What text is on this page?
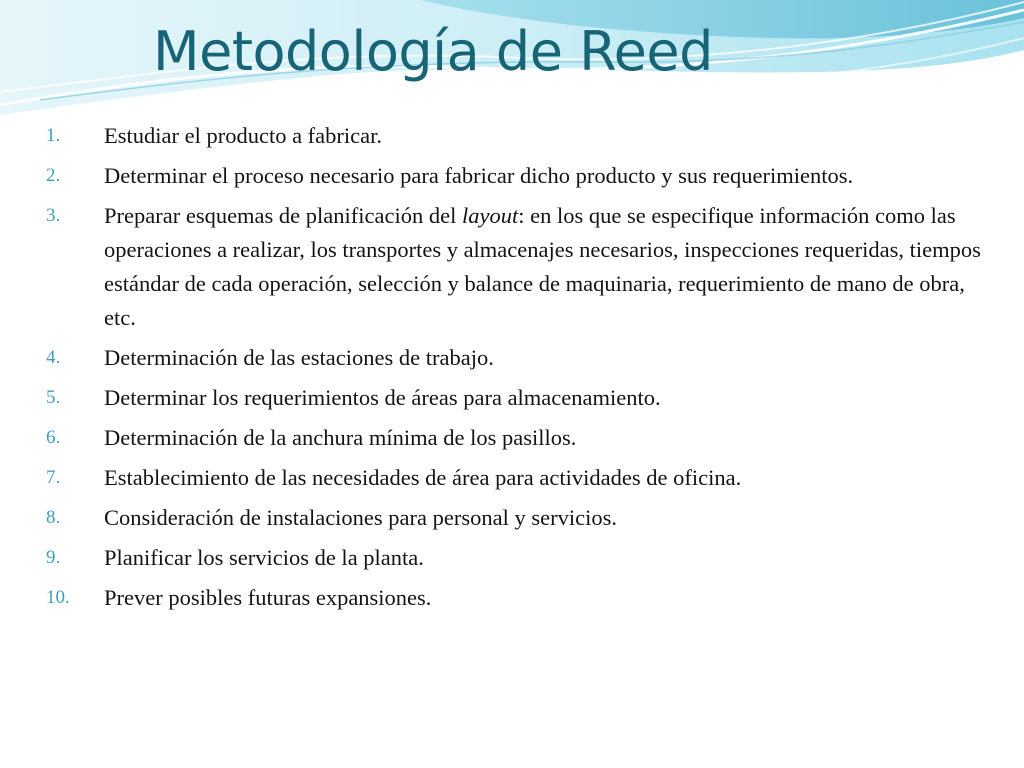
Metodología de Reed
1.	Estudiar el producto a fabricar.
2.	Determinar el proceso necesario para fabricar dicho producto y sus requerimientos.
3.	Preparar esquemas de planificación del layout: en los que se especifique información como las operaciones a realizar, los transportes y almacenajes necesarios, inspecciones requeridas, tiempos estándar de cada operación, selección y balance de maquinaria, requerimiento de mano de obra, etc.
4.	Determinación de las estaciones de trabajo.
5.	Determinar los requerimientos de áreas para almacenamiento.
6.	Determinación de la anchura mínima de los pasillos.
7.	Establecimiento de las necesidades de área para actividades de oficina.
8.	Consideración de instalaciones para personal y servicios.
9.	Planificar los servicios de la planta.
10.	Prever posibles futuras expansiones.
